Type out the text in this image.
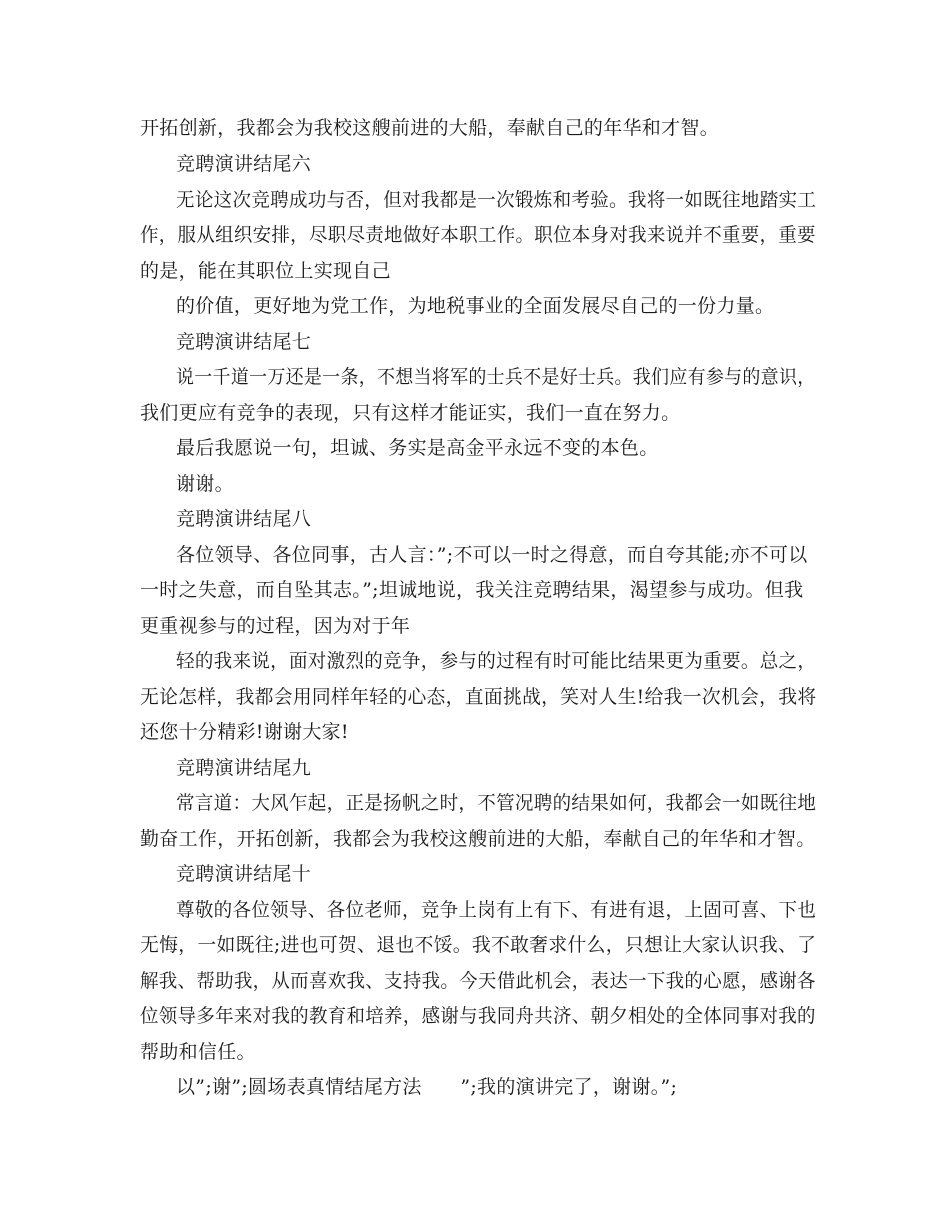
开拓创新，我都会为我校这艘前进的大船，奉献自己的年华和才智。
竞聘演讲结尾六
无论这次竞聘成功与否，但对我都是一次锻炼和考验。我将一如既往地踏实工
作，服从组织安排，尽职尽责地做好本职工作。职位本身对我来说并不重要，重要
的是，能在其职位上实现自己
的价值，更好地为党工作，为地税事业的全面发展尽自己的一份力量。
竞聘演讲结尾七
说一千道一万还是一条，不想当将军的士兵不是好士兵。我们应有参与的意识，
我们更应有竞争的表现，只有这样才能证实，我们一直在努力。
最后我愿说一句，坦诚、务实是高金平永远不变的本色。
谢谢。
竞聘演讲结尾八
各位领导、各位同事，古人言：”;不可以一时之得意，而自夸其能;亦不可以
一时之失意，而自坠其志。”;坦诚地说，我关注竞聘结果，渴望参与成功。但我
更重视参与的过程，因为对于年
轻的我来说，面对激烈的竞争，参与的过程有时可能比结果更为重要。总之，
无论怎样，我都会用同样年轻的心态，直面挑战，笑对人生!给我一次机会，我将
还您十分精彩!谢谢大家!
竞聘演讲结尾九
常言道：大风乍起，正是扬帆之时，不管况聘的结果如何，我都会一如既往地
勤奋工作，开拓创新，我都会为我校这艘前进的大船，奉献自己的年华和才智。
竞聘演讲结尾十
尊敬的各位领导、各位老师，竞争上岗有上有下、有进有退，上固可喜、下也
无悔，一如既往;进也可贺、退也不馁。我不敢奢求什么，只想让大家认识我、了
解我、帮助我，从而喜欢我、支持我。今天借此机会，表达一下我的心愿，感谢各
位领导多年来对我的教育和培养，感谢与我同舟共济、朝夕相处的全体同事对我的
帮助和信任。
以”;谢”;圆场表真情结尾方法　　”;我的演讲完了，谢谢。”;
